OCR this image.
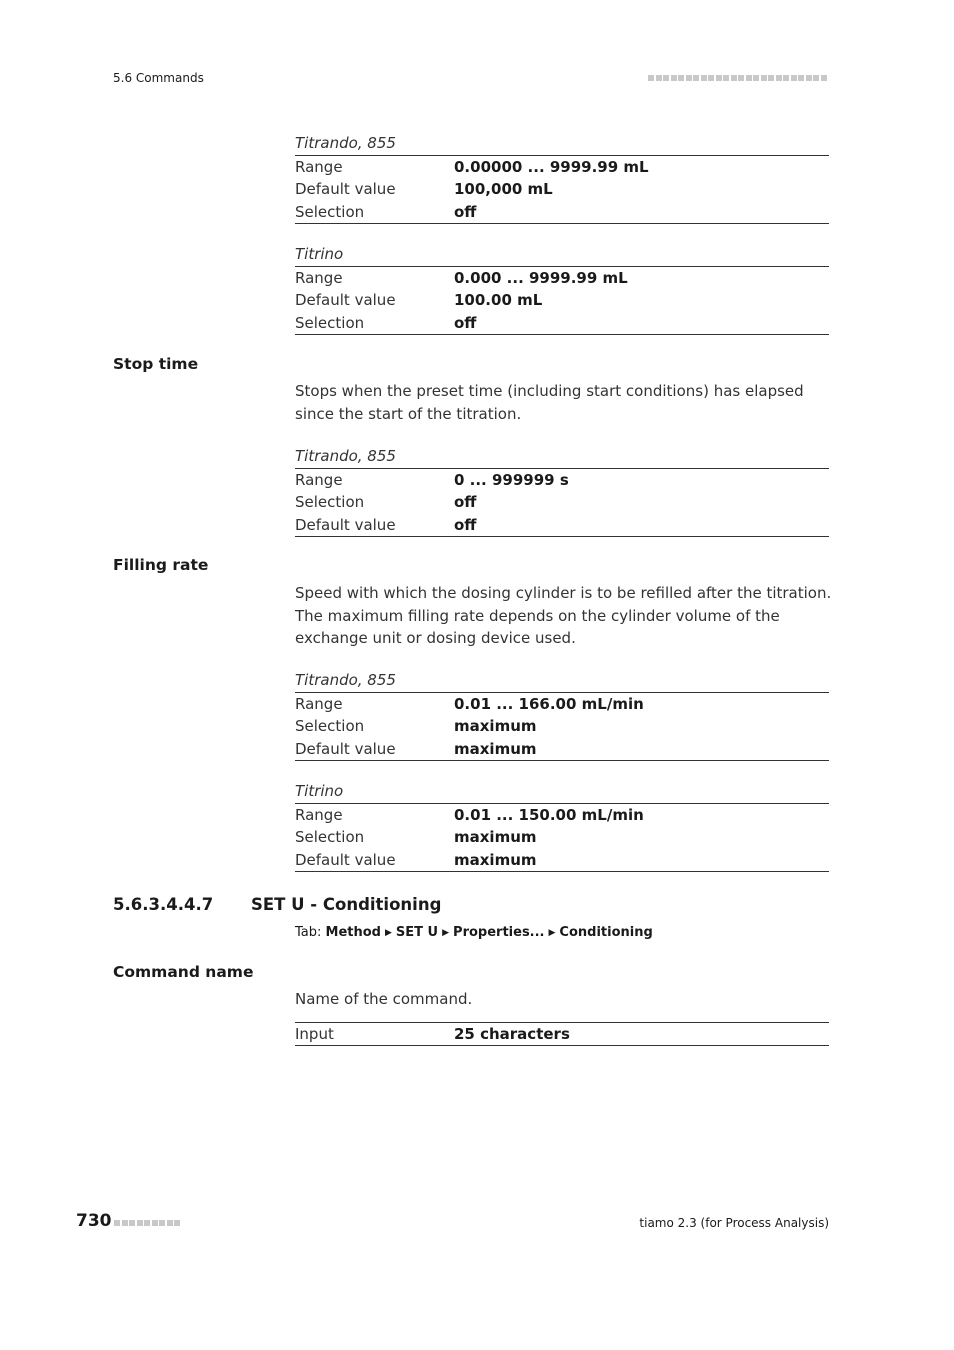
5.6 Commands
Titrando, 855
Range	0.00000 ... 9999.99 mL
Default value	100,000 mL
Selection	off
Titrino
Range	0.000 ... 9999.99 mL
Default value	100.00 mL
Selection	off
Stop time
Stops when the preset time (including start conditions) has elapsed since the start of the titration.
Titrando, 855
Range	0 ... 999999 s
Selection	off
Default value	off
Filling rate
Speed with which the dosing cylinder is to be refilled after the titration. The maximum filling rate depends on the cylinder volume of the exchange unit or dosing device used.
Titrando, 855
Range	0.01 ... 166.00 mL/min
Selection	maximum
Default value	maximum
Titrino
Range	0.01 ... 150.00 mL/min
Selection	maximum
Default value	maximum
5.6.3.4.4.7 SET U - Conditioning
Tab: Method ▶ SET U ▶ Properties... ▶ Conditioning
Command name
Name of the command.
Input	25 characters
730	tiamo 2.3 (for Process Analysis)
